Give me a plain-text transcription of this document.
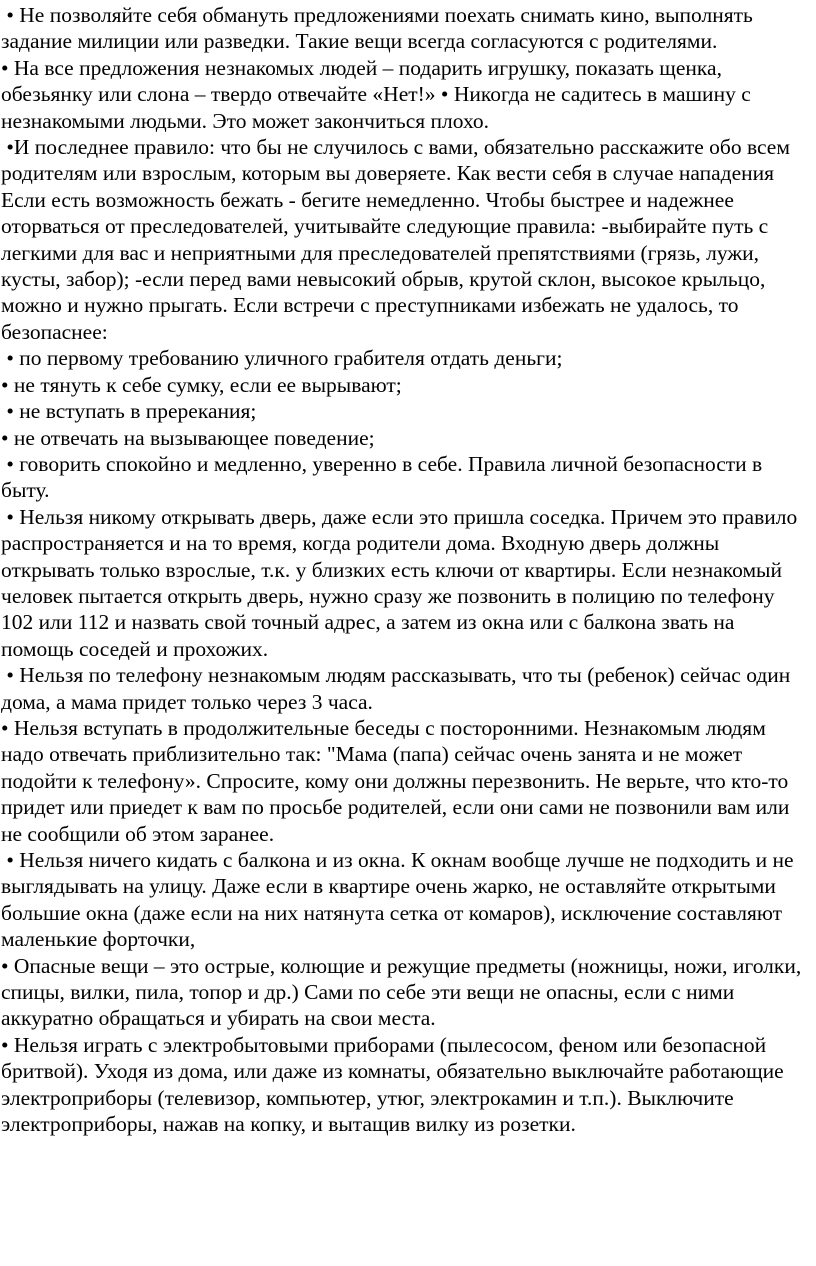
• Не позволяйте себя обмануть предложениями поехать снимать кино, выполнять задание милиции или разведки. Такие вещи всегда согласуются с родителями.

• На все предложения незнакомых людей – подарить игрушку, показать щенка, обезьянку или слона – твердо отвечайте «Нет!» • Никогда не садитесь в машину с незнакомыми людьми. Это может закончиться плохо.

•И последнее правило: что бы не случилось с вами, обязательно расскажите обо всем родителям или взрослым, которым вы доверяете. Как вести себя в случае нападения Если есть возможность бежать - бегите немедленно. Чтобы быстрее и надежнее оторваться от преследователей, учитывайте следующие правила: -выбирайте путь с легкими для вас и неприятными для преследователей препятствиями (грязь, лужи, кусты, забор); -если перед вами невысокий обрыв, крутой склон, высокое крыльцо, можно и нужно прыгать. Если встречи с преступниками избежать не удалось, то безопаснее:

• по первому требованию уличного грабителя отдать деньги;

• не тянуть к себе сумку, если ее вырывают;

• не вступать в пререкания;

• не отвечать на вызывающее поведение;

• говорить спокойно и медленно, уверенно в себе. Правила личной безопасности в быту.

• Нельзя никому открывать дверь, даже если это пришла соседка. Причем это правило распространяется и на то время, когда родители дома. Входную дверь должны открывать только взрослые, т.к. у близких есть ключи от квартиры. Если незнакомый человек пытается открыть дверь, нужно сразу же позвонить в полицию по телефону 102 или 112 и назвать свой точный адрес, а затем из окна или с балкона звать на помощь соседей и прохожих.

• Нельзя по телефону незнакомым людям рассказывать, что ты (ребенок) сейчас один дома, а мама придет только через 3 часа.

• Нельзя вступать в продолжительные беседы с посторонними. Незнакомым людям надо отвечать приблизительно так: "Мама (папа) сейчас очень занята и не может подойти к телефону». Спросите, кому они должны перезвонить. Не верьте, что кто-то придет или приедет к вам по просьбе родителей, если они сами не позвонили вам или не сообщили об этом заранее.

• Нельзя ничего кидать с балкона и из окна. К окнам вообще лучше не подходить и не выглядывать на улицу. Даже если в квартире очень жарко, не оставляйте открытыми большие окна (даже если на них натянута сетка от комаров), исключение составляют маленькие форточки,

• Опасные вещи – это острые, колющие и режущие предметы (ножницы, ножи, иголки, спицы, вилки, пила, топор и др.) Сами по себе эти вещи не опасны, если с ними аккуратно обращаться и убирать на свои места.

• Нельзя играть с электробытовыми приборами (пылесосом, феном или безопасной бритвой). Уходя из дома, или даже из комнаты, обязательно выключайте работающие электроприборы (телевизор, компьютер, утюг, электрокамин и т.п.). Выключите электроприборы, нажав на копку, и вытащив вилку из розетки.
